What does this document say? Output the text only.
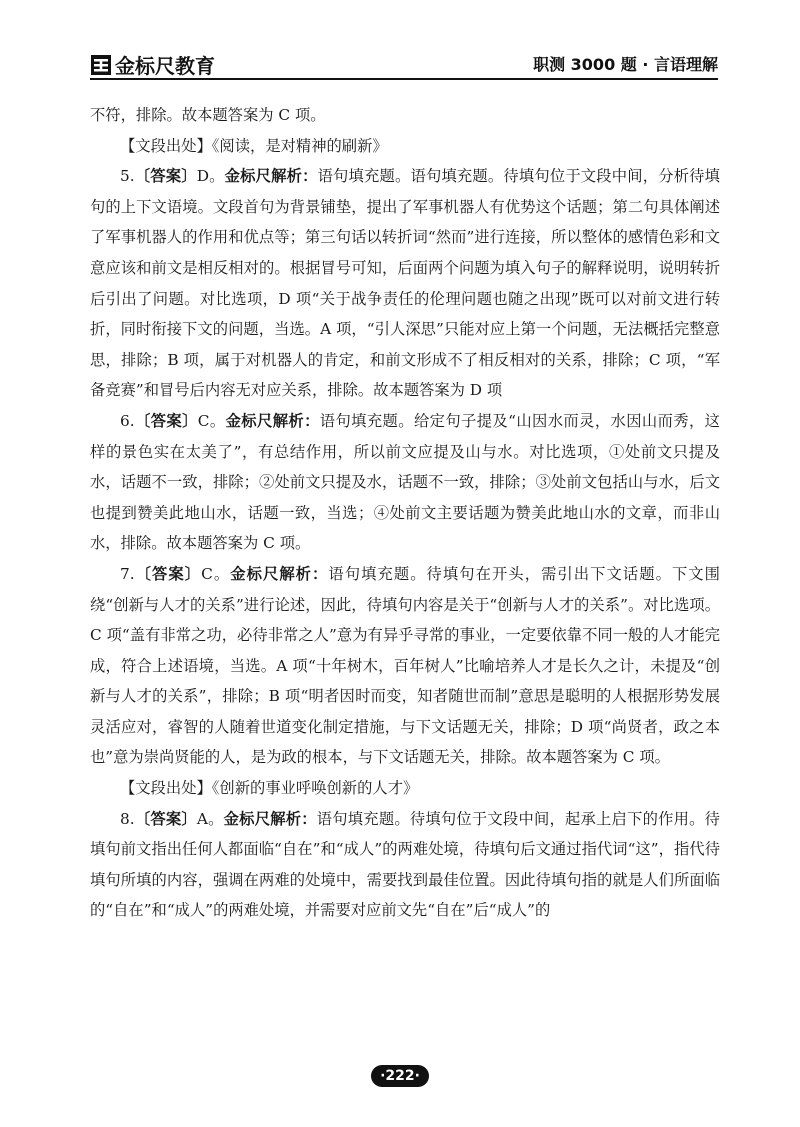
金标尺教育	职测 3000 题 · 言语理解

不符，排除。故本题答案为 C 项。

【文段出处】《阅读，是对精神的刷新》

5.〔答案〕D。金标尺解析：语句填充题。语句填充题。待填句位于文段中间，分析待填句的上下文语境。文段首句为背景铺垫，提出了军事机器人有优势这个话题；第二句具体阐述了军事机器人的作用和优点等；第三句话以转折词“然而”进行连接，所以整体的感情色彩和文意应该和前文是相反相对的。根据冒号可知，后面两个问题为填入句子的解释说明，说明转折后引出了问题。对比选项，D 项“关于战争责任的伦理问题也随之出现”既可以对前文进行转折，同时衔接下文的问题，当选。A 项，“引人深思”只能对应上第一个问题，无法概括完整意思，排除；B 项，属于对机器人的肯定，和前文形成不了相反相对的关系，排除；C 项，“军备竞赛”和冒号后内容无对应关系，排除。故本题答案为 D 项

6.〔答案〕C。金标尺解析：语句填充题。给定句子提及“山因水而灵，水因山而秀，这样的景色实在太美了”，有总结作用，所以前文应提及山与水。对比选项，①处前文只提及水，话题不一致，排除；②处前文只提及水，话题不一致，排除；③处前文包括山与水，后文也提到赞美此地山水，话题一致，当选；④处前文主要话题为赞美此地山水的文章，而非山水，排除。故本题答案为 C 项。

7.〔答案〕C。金标尺解析：语句填充题。待填句在开头，需引出下文话题。下文围绕“创新与人才的关系”进行论述，因此，待填句内容是关于“创新与人才的关系”。对比选项。C 项“盖有非常之功，必待非常之人”意为有异乎寻常的事业，一定要依靠不同一般的人才能完成，符合上述语境，当选。A 项“十年树木，百年树人”比喻培养人才是长久之计，未提及“创新与人才的关系”，排除；B 项“明者因时而变，知者随世而制”意思是聪明的人根据形势发展灵活应对，睿智的人随着世道变化制定措施，与下文话题无关，排除；D 项“尚贤者，政之本也”意为崇尚贤能的人，是为政的根本，与下文话题无关，排除。故本题答案为 C 项。

【文段出处】《创新的事业呼唤创新的人才》

8.〔答案〕A。金标尺解析：语句填充题。待填句位于文段中间，起承上启下的作用。待填句前文指出任何人都面临“自在”和“成人”的两难处境，待填句后文通过指代词“这”，指代待填句所填的内容，强调在两难的处境中，需要找到最佳位置。因此待填句指的就是人们所面临的“自在”和“成人”的两难处境，并需要对应前文先“自在”后“成人”的

·222·
